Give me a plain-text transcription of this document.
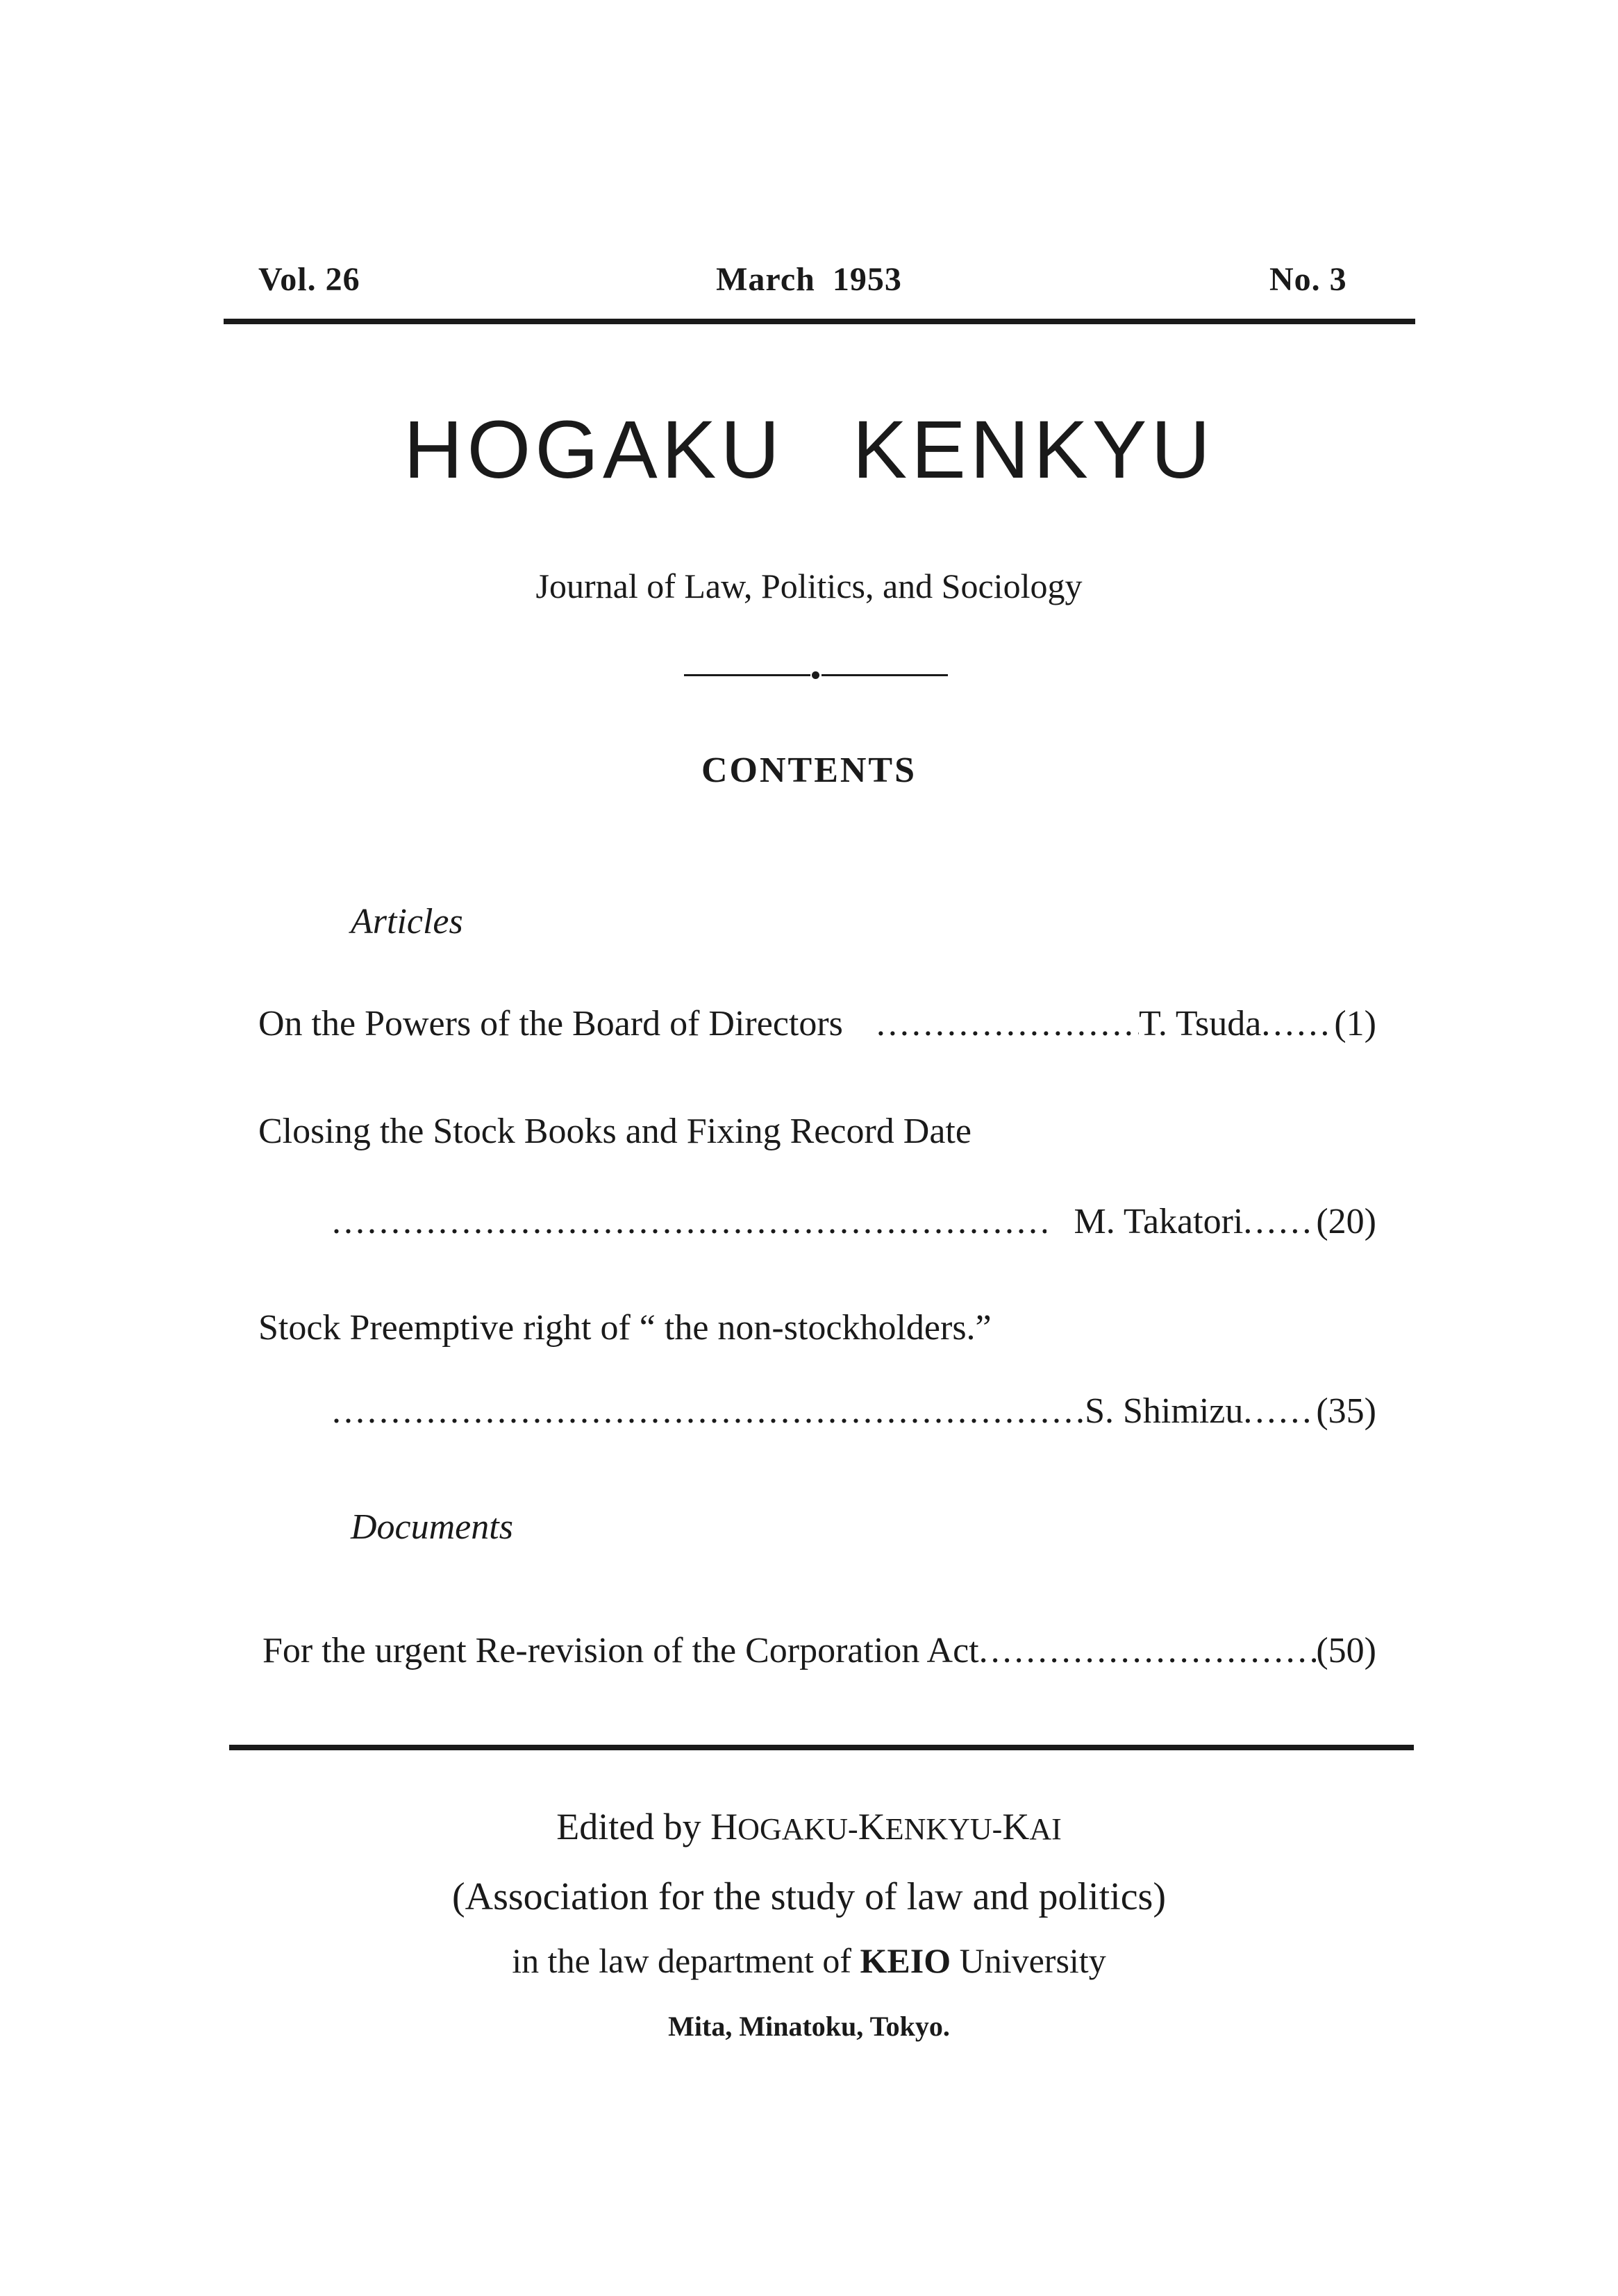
Vol. 26	March 1953	No. 3
HOGAKU KENKYU
Journal of Law, Politics, and Sociology
CONTENTS
Articles
On the Powers of the Board of Directors .....	T. Tsuda ..... (1)
Closing the Stock Books and Fixing Record Date
.....
M. Takatori ..... (20)
Stock Preemptive right of “ the non-stockholders.”
.....
S. Shimizu ..... (35)
Documents
For the urgent Re-revision of the Corporation Act .....	(50)
Edited by HOGAKU-KENKYU-KAI
(Association for the study of law and politics)
in the law department of KEIO University
Mita, Minatoku, Tokyo.
